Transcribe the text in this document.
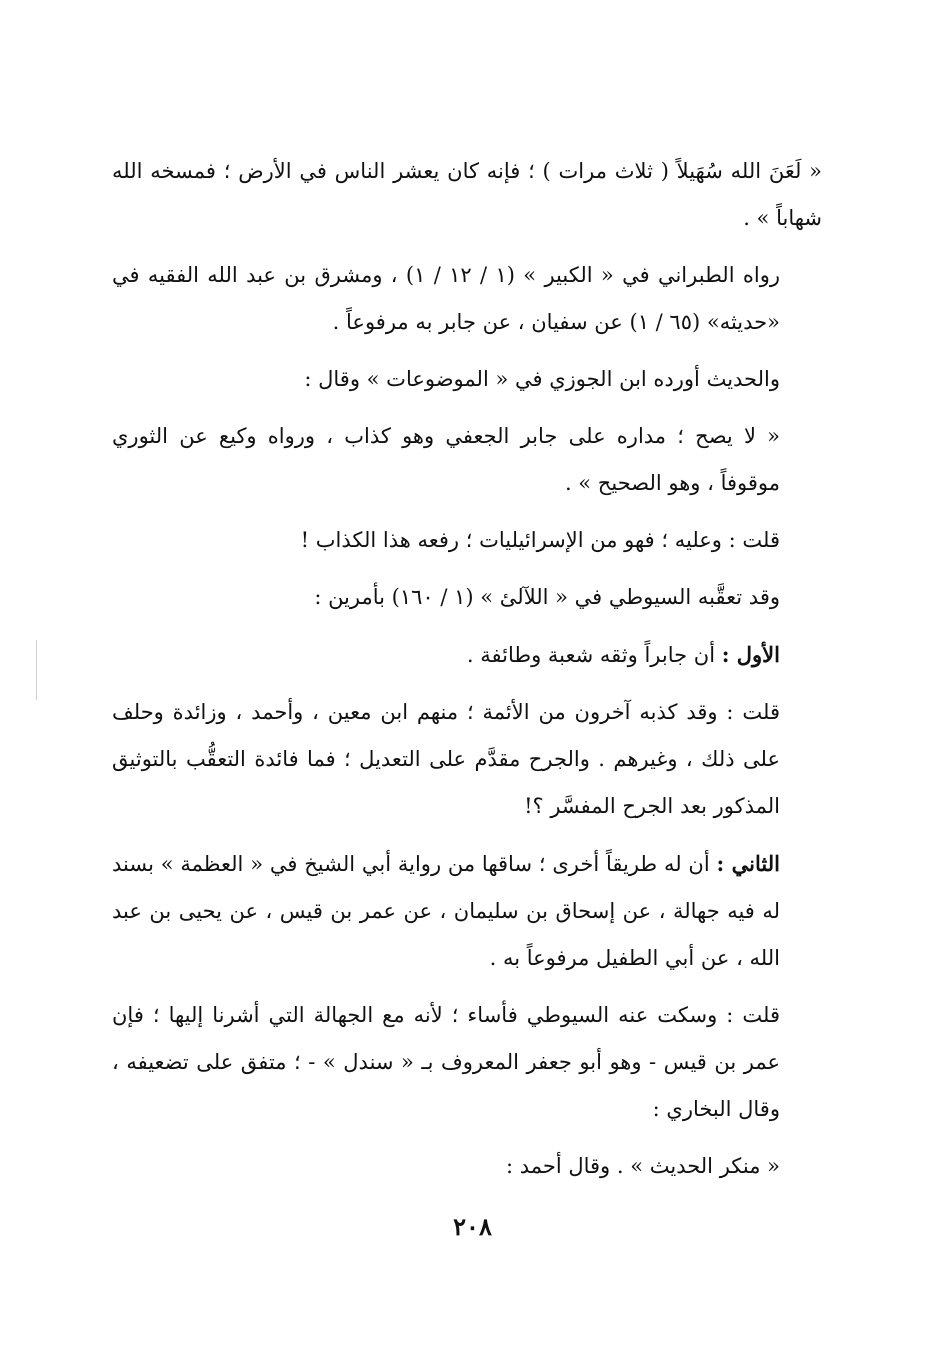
« لَعَنَ الله سُهَيلاً ( ثلاث مرات ) ؛ فإنه كان يعشر الناس في الأرض ؛ فمسخه الله شهاباً » .

رواه الطبراني في « الكبير » (١ / ١٢ / ١) ، ومشرق بن عبد الله الفقيه في «حديثه» (٦٥ / ١) عن سفيان ، عن جابر به مرفوعاً .

والحديث أورده ابن الجوزي في « الموضوعات » وقال :

« لا يصح ؛ مداره على جابر الجعفي وهو كذاب ، ورواه وكيع عن الثوري موقوفاً ، وهو الصحيح » .

قلت : وعليه ؛ فهو من الإسرائيليات ؛ رفعه هذا الكذاب !

وقد تعقَّبه السيوطي في « اللآلئ » (١ / ١٦٠) بأمرين :

الأول : أن جابراً وثقه شعبة وطائفة .

قلت : وقد كذبه آخرون من الأئمة ؛ منهم ابن معين ، وأحمد ، وزائدة وحلف على ذلك ، وغيرهم . والجرح مقدَّم على التعديل ؛ فما فائدة التعقُّب بالتوثيق المذكور بعد الجرح المفسَّر ؟!

الثاني : أن له طريقاً أخرى ؛ ساقها من رواية أبي الشيخ في « العظمة » بسند له فيه جهالة ، عن إسحاق بن سليمان ، عن عمر بن قيس ، عن يحيى بن عبد الله ، عن أبي الطفيل مرفوعاً به .

قلت : وسكت عنه السيوطي فأساء ؛ لأنه مع الجهالة التي أشرنا إليها ؛ فإن عمر بن قيس - وهو أبو جعفر المعروف بـ « سندل » - ؛ متفق على تضعيفه ، وقال البخاري :

« منكر الحديث » . وقال أحمد :

٢٠٨
